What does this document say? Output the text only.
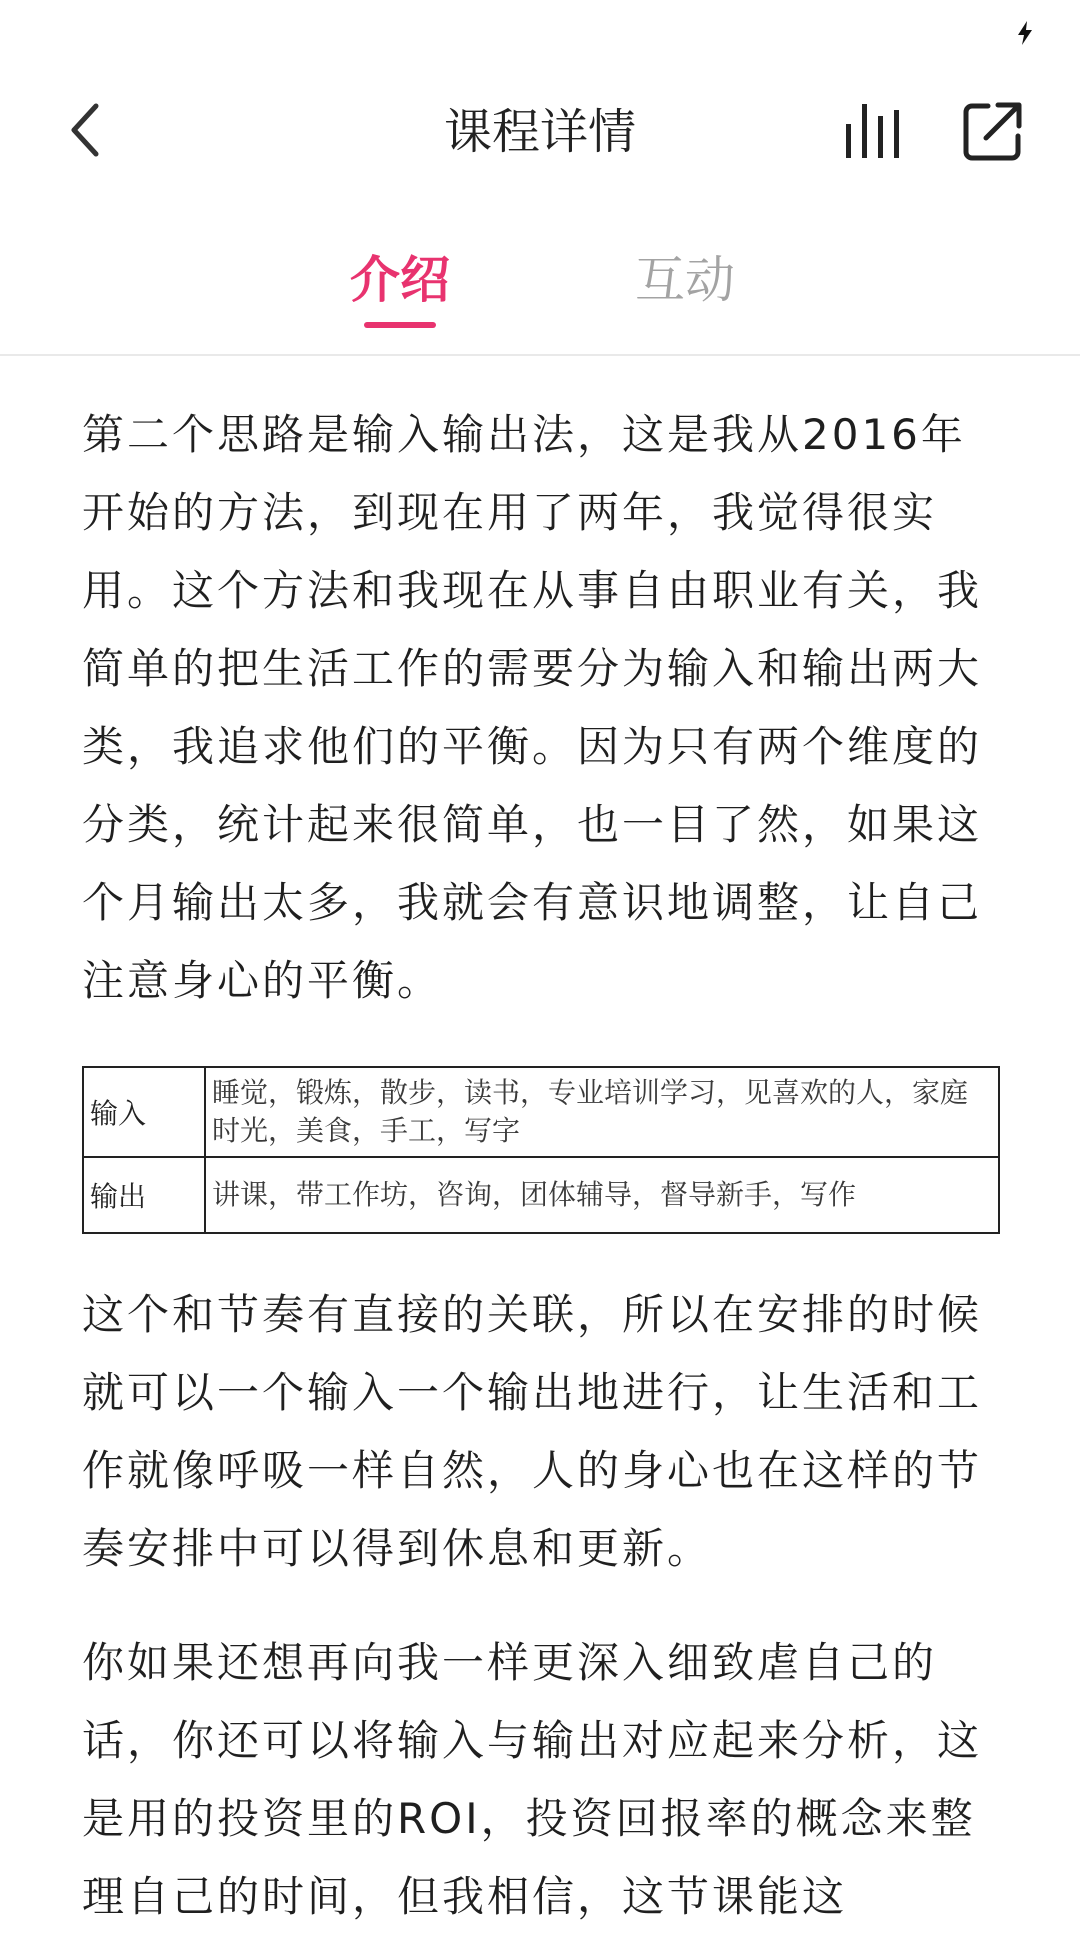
课程详情
介绍	互动

第二个思路是输入输出法，这是我从2016年开始的方法，到现在用了两年，我觉得很实用。这个方法和我现在从事自由职业有关，我简单的把生活工作的需要分为输入和输出两大类，我追求他们的平衡。因为只有两个维度的分类，统计起来很简单，也一目了然，如果这个月输出太多，我就会有意识地调整，让自己注意身心的平衡。

输入	睡觉，锻炼，散步，读书，专业培训学习，见喜欢的人，家庭时光，美食，手工，写字
输出	讲课，带工作坊，咨询，团体辅导，督导新手，写作

这个和节奏有直接的关联，所以在安排的时候就可以一个输入一个输出地进行，让生活和工作就像呼吸一样自然，人的身心也在这样的节奏安排中可以得到休息和更新。

你如果还想再向我一样更深入细致虐自己的话，你还可以将输入与输出对应起来分析，这是用的投资里的ROI，投资回报率的概念来整理自己的时间，但我相信，这节课能这
